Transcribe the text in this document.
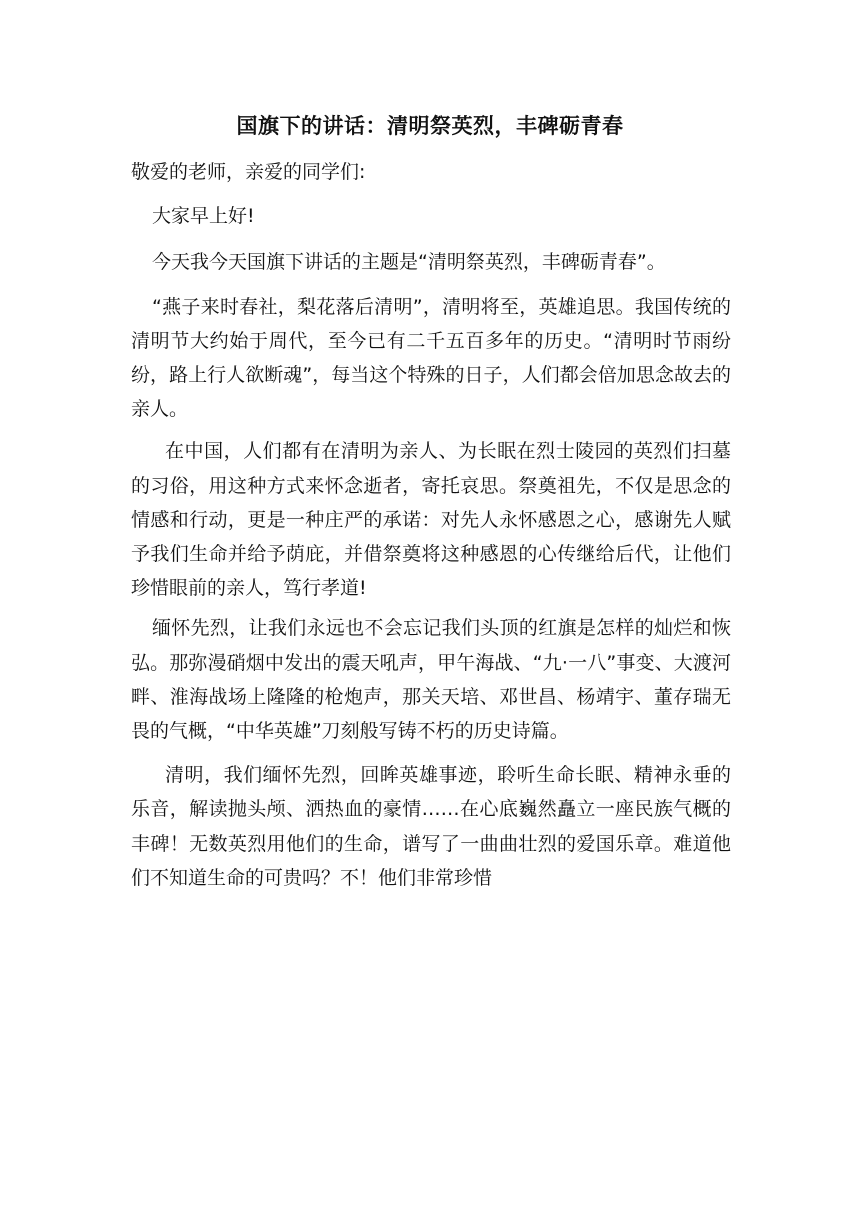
国旗下的讲话：清明祭英烈，丰碑砺青春

敬爱的老师，亲爱的同学们:

大家早上好!

今天我今天国旗下讲话的主题是“清明祭英烈，丰碑砺青春”。

“燕子来时春社，梨花落后清明”，清明将至，英雄追思。我国传统的清明节大约始于周代，至今已有二千五百多年的历史。“清明时节雨纷纷，路上行人欲断魂”，每当这个特殊的日子，人们都会倍加思念故去的亲人。

在中国，人们都有在清明为亲人、为长眠在烈士陵园的英烈们扫墓的习俗，用这种方式来怀念逝者，寄托哀思。祭奠祖先，不仅是思念的情感和行动，更是一种庄严的承诺：对先人永怀感恩之心，感谢先人赋予我们生命并给予荫庇，并借祭奠将这种感恩的心传继给后代，让他们珍惜眼前的亲人，笃行孝道!

缅怀先烈，让我们永远也不会忘记我们头顶的红旗是怎样的灿烂和恢弘。那弥漫硝烟中发出的震天吼声，甲午海战、“九·一八”事变、大渡河畔、淮海战场上隆隆的枪炮声，那关天培、邓世昌、杨靖宇、董存瑞无畏的气概，“中华英雄”刀刻般写铸不朽的历史诗篇。

清明，我们缅怀先烈，回眸英雄事迹，聆听生命长眠、精神永垂的乐音，解读抛头颅、洒热血的豪情……在心底巍然矗立一座民族气概的丰碑！无数英烈用他们的生命，谱写了一曲曲壮烈的爱国乐章。难道他们不知道生命的可贵吗？不！他们非常珍惜
